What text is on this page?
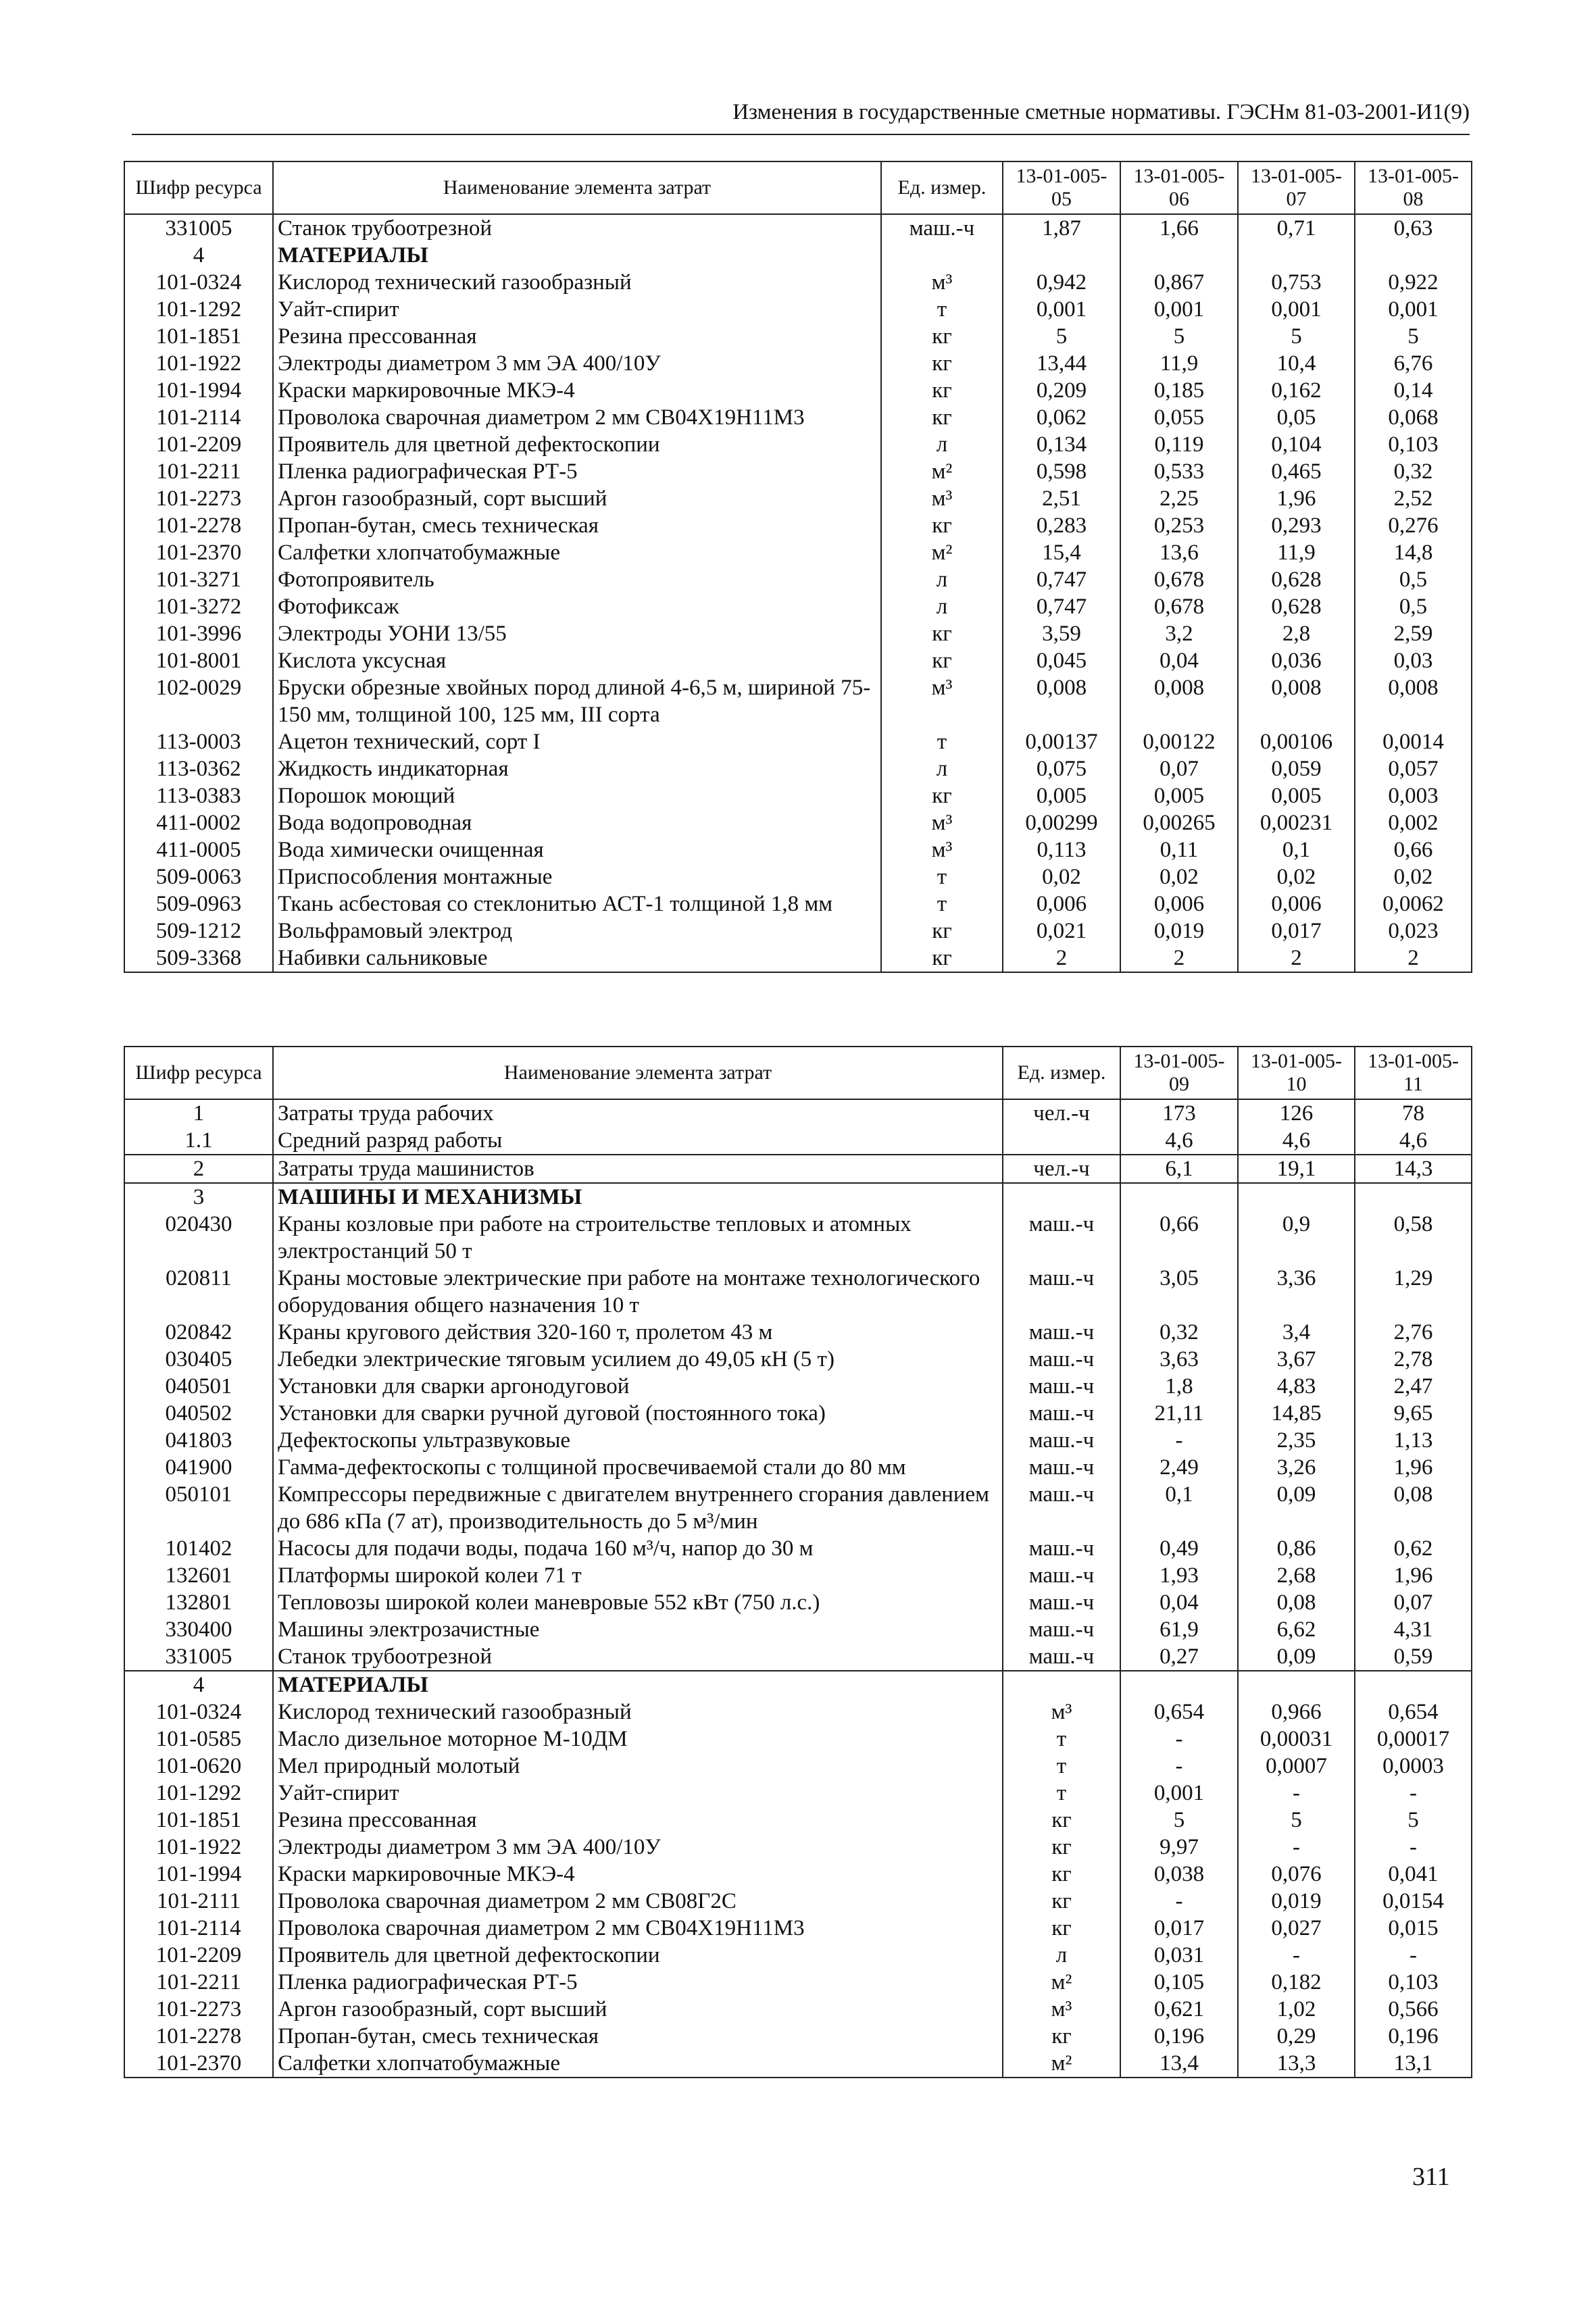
Изменения в государственные сметные нормативы. ГЭСНм 81-03-2001-И1(9)
Шифр ресурса	Наименование элемента затрат	Ед. измер.	13-01-005-05	13-01-005-06	13-01-005-07	13-01-005-08
331005	Станок трубоотрезной	маш.-ч	1,87	1,66	0,71	0,63
4	МАТЕРИАЛЫ					
101-0324	Кислород технический газообразный	м³	0,942	0,867	0,753	0,922
101-1292	Уайт-спирит	т	0,001	0,001	0,001	0,001
101-1851	Резина прессованная	кг	5	5	5	5
101-1922	Электроды диаметром 3 мм ЭА 400/10У	кг	13,44	11,9	10,4	6,76
101-1994	Краски маркировочные МКЭ-4	кг	0,209	0,185	0,162	0,14
101-2114	Проволока сварочная диаметром 2 мм СВ04Х19Н11М3	кг	0,062	0,055	0,05	0,068
101-2209	Проявитель для цветной дефектоскопии	л	0,134	0,119	0,104	0,103
101-2211	Пленка радиографическая РТ-5	м²	0,598	0,533	0,465	0,32
101-2273	Аргон газообразный, сорт высший	м³	2,51	2,25	1,96	2,52
101-2278	Пропан-бутан, смесь техническая	кг	0,283	0,253	0,293	0,276
101-2370	Салфетки хлопчатобумажные	м²	15,4	13,6	11,9	14,8
101-3271	Фотопроявитель	л	0,747	0,678	0,628	0,5
101-3272	Фотофиксаж	л	0,747	0,678	0,628	0,5
101-3996	Электроды УОНИ 13/55	кг	3,59	3,2	2,8	2,59
101-8001	Кислота уксусная	кг	0,045	0,04	0,036	0,03
102-0029	Бруски обрезные хвойных пород длиной 4-6,5 м, шириной 75-150 мм, толщиной 100, 125 мм, III сорта	м³	0,008	0,008	0,008	0,008
113-0003	Ацетон технический, сорт I	т	0,00137	0,00122	0,00106	0,0014
113-0362	Жидкость индикаторная	л	0,075	0,07	0,059	0,057
113-0383	Порошок моющий	кг	0,005	0,005	0,005	0,003
411-0002	Вода водопроводная	м³	0,00299	0,00265	0,00231	0,002
411-0005	Вода химически очищенная	м³	0,113	0,11	0,1	0,66
509-0063	Приспособления монтажные	т	0,02	0,02	0,02	0,02
509-0963	Ткань асбестовая со стеклонитью АСТ-1 толщиной 1,8 мм	т	0,006	0,006	0,006	0,0062
509-1212	Вольфрамовый электрод	кг	0,021	0,019	0,017	0,023
509-3368	Набивки сальниковые	кг	2	2	2	2
Шифр ресурса	Наименование элемента затрат	Ед. измер.	13-01-005-09	13-01-005-10	13-01-005-11
1	Затраты труда рабочих	чел.-ч	173	126	78
1.1	Средний разряд работы		4,6	4,6	4,6
2	Затраты труда машинистов	чел.-ч	6,1	19,1	14,3
3	МАШИНЫ И МЕХАНИЗМЫ				
020430	Краны козловые при работе на строительстве тепловых и атомных электростанций 50 т	маш.-ч	0,66	0,9	0,58
020811	Краны мостовые электрические при работе на монтаже технологического оборудования общего назначения 10 т	маш.-ч	3,05	3,36	1,29
020842	Краны кругового действия 320-160 т, пролетом 43 м	маш.-ч	0,32	3,4	2,76
030405	Лебедки электрические тяговым усилием до 49,05 кН (5 т)	маш.-ч	3,63	3,67	2,78
040501	Установки для сварки аргонодуговой	маш.-ч	1,8	4,83	2,47
040502	Установки для сварки ручной дуговой (постоянного тока)	маш.-ч	21,11	14,85	9,65
041803	Дефектоскопы ультразвуковые	маш.-ч	-	2,35	1,13
041900	Гамма-дефектоскопы с толщиной просвечиваемой стали до 80 мм	маш.-ч	2,49	3,26	1,96
050101	Компрессоры передвижные с двигателем внутреннего сгорания давлением до 686 кПа (7 ат), производительность до 5 м³/мин	маш.-ч	0,1	0,09	0,08
101402	Насосы для подачи воды, подача 160 м³/ч, напор до 30 м	маш.-ч	0,49	0,86	0,62
132601	Платформы широкой колеи 71 т	маш.-ч	1,93	2,68	1,96
132801	Тепловозы широкой колеи маневровые 552 кВт (750 л.с.)	маш.-ч	0,04	0,08	0,07
330400	Машины электрозачистные	маш.-ч	61,9	6,62	4,31
331005	Станок трубоотрезной	маш.-ч	0,27	0,09	0,59
4	МАТЕРИАЛЫ				
101-0324	Кислород технический газообразный	м³	0,654	0,966	0,654
101-0585	Масло дизельное моторное М-10ДМ	т	-	0,00031	0,00017
101-0620	Мел природный молотый	т	-	0,0007	0,0003
101-1292	Уайт-спирит	т	0,001	-	-
101-1851	Резина прессованная	кг	5	5	5
101-1922	Электроды диаметром 3 мм ЭА 400/10У	кг	9,97	-	-
101-1994	Краски маркировочные МКЭ-4	кг	0,038	0,076	0,041
101-2111	Проволока сварочная диаметром 2 мм СВ08Г2С	кг	-	0,019	0,0154
101-2114	Проволока сварочная диаметром 2 мм СВ04Х19Н11М3	кг	0,017	0,027	0,015
101-2209	Проявитель для цветной дефектоскопии	л	0,031	-	-
101-2211	Пленка радиографическая РТ-5	м²	0,105	0,182	0,103
101-2273	Аргон газообразный, сорт высший	м³	0,621	1,02	0,566
101-2278	Пропан-бутан, смесь техническая	кг	0,196	0,29	0,196
101-2370	Салфетки хлопчатобумажные	м²	13,4	13,3	13,1
311
